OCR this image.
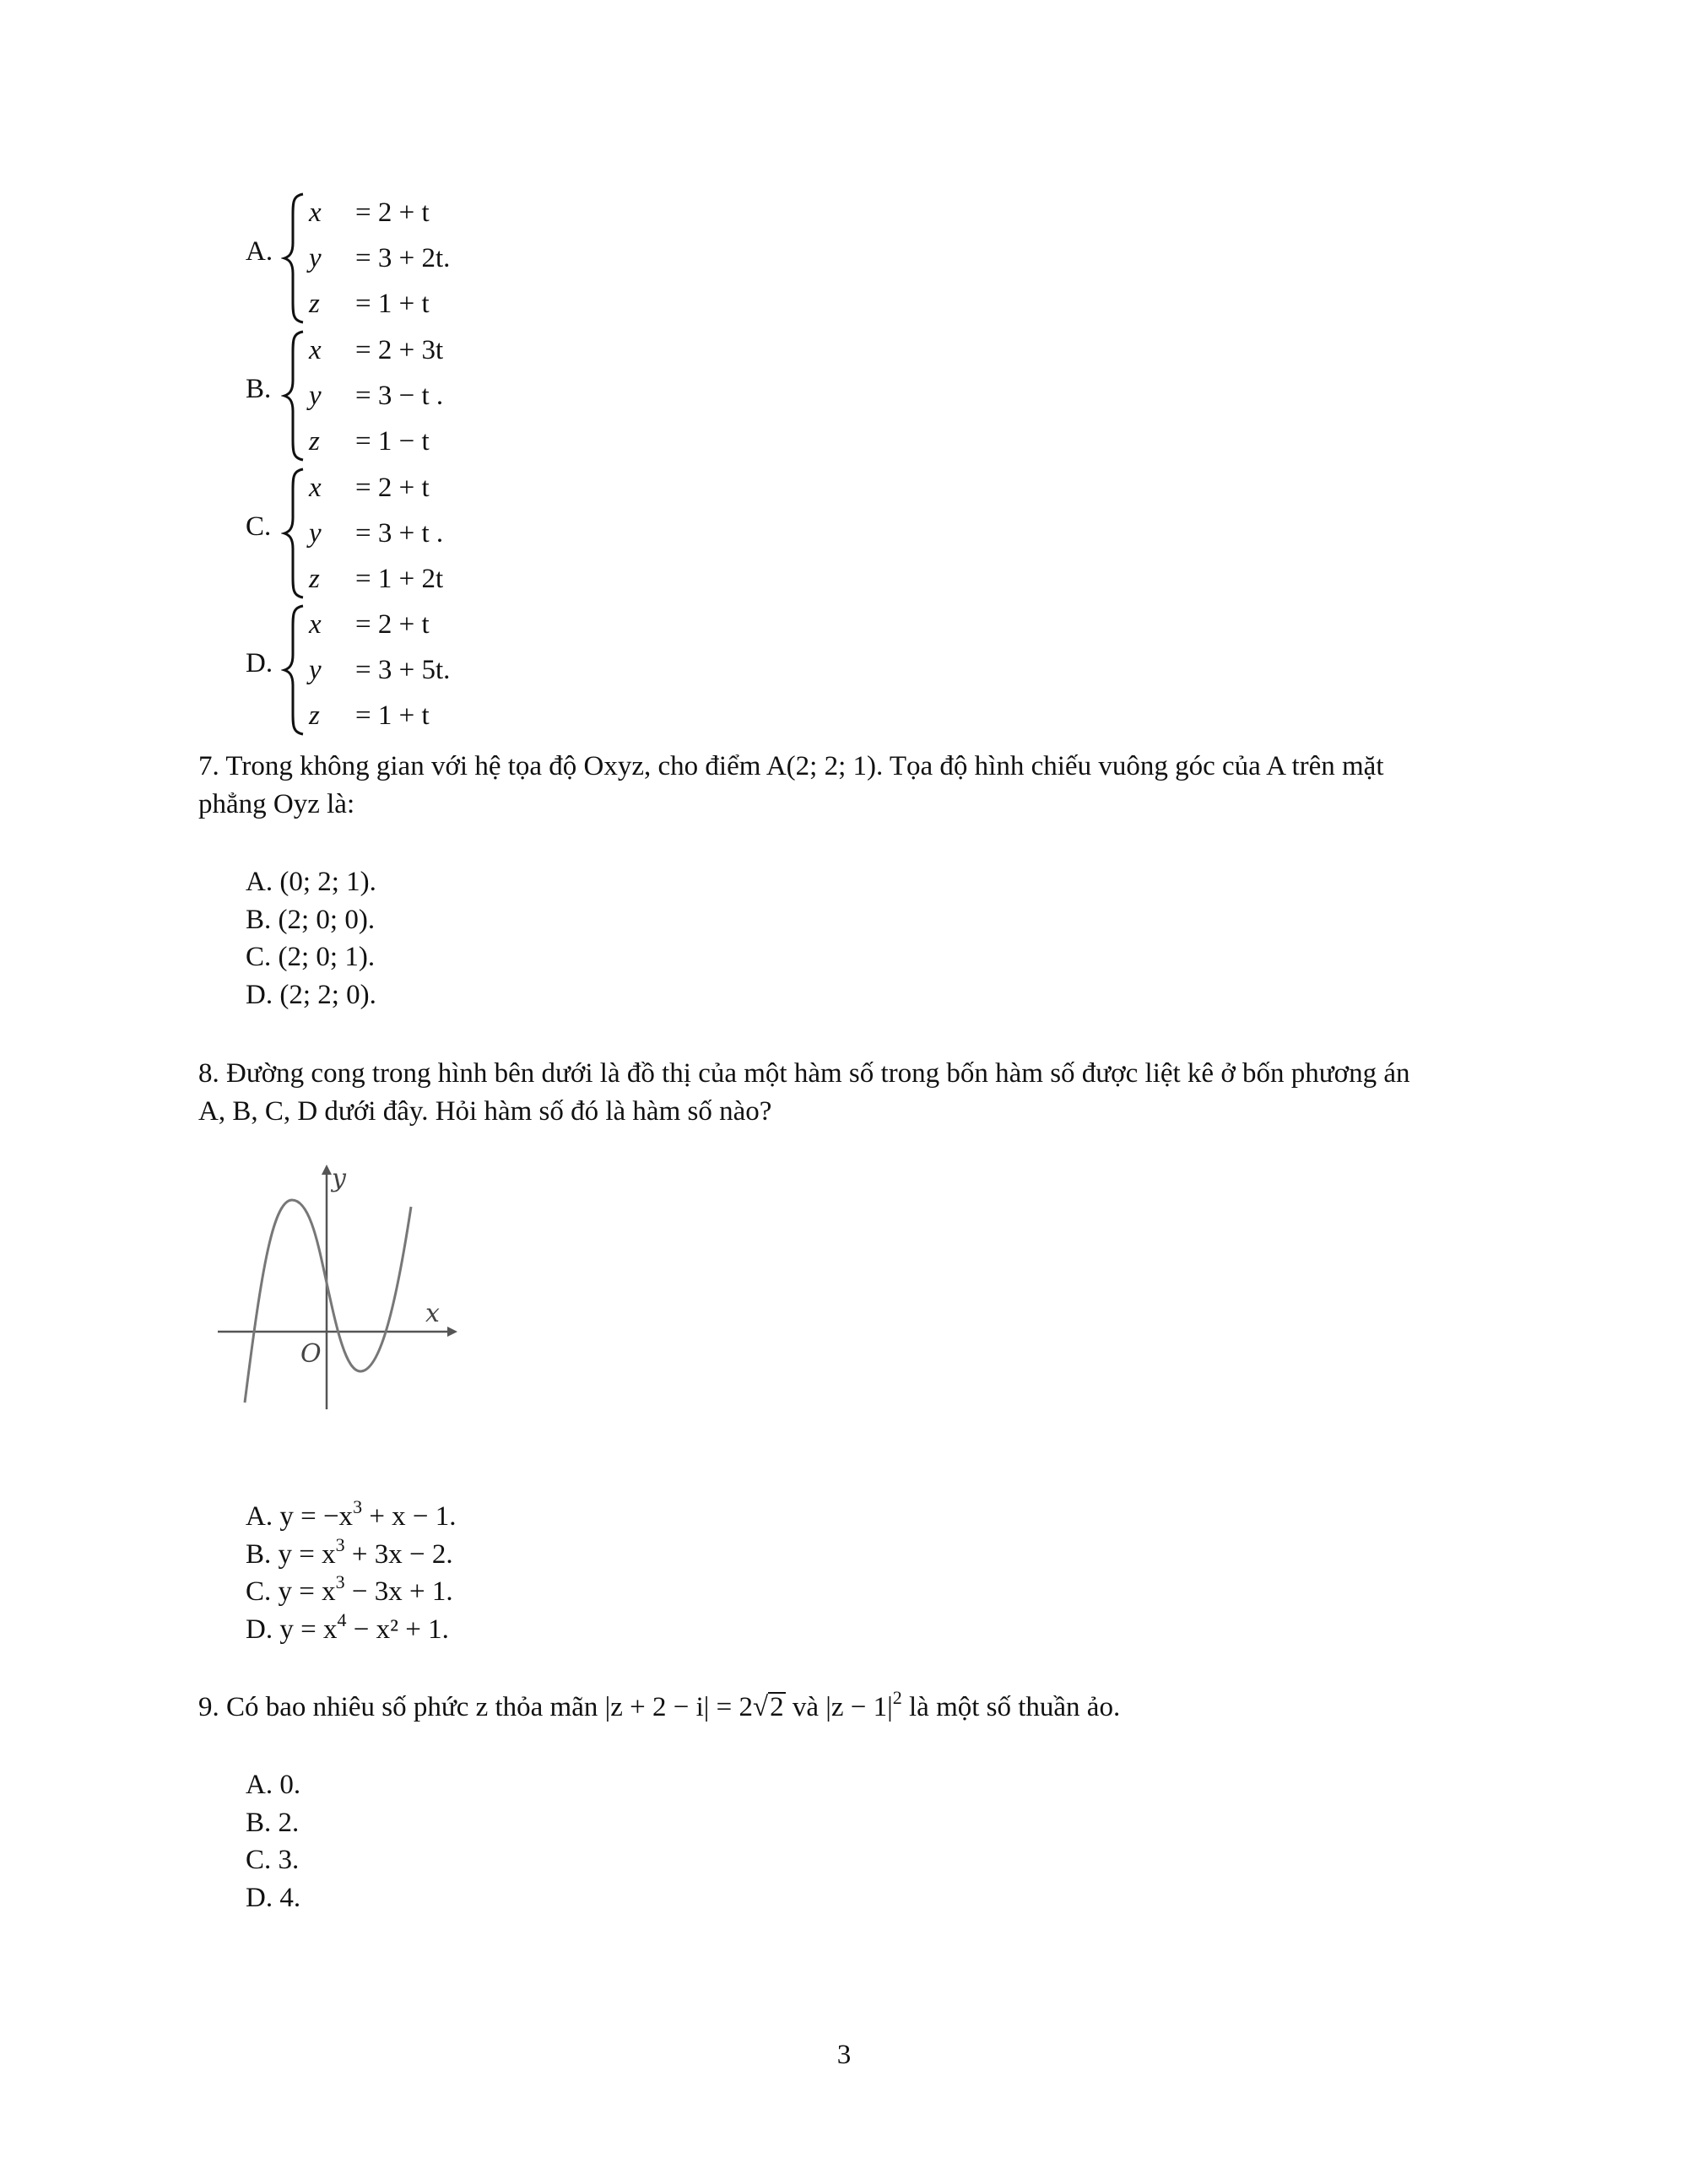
A.
x = 2 + t
y = 3 + 2t.
z = 1 + t
B.
x = 2 + 3t
y = 3 − t .
z = 1 − t
C.
x = 2 + t
y = 3 + t .
z = 1 + 2t
D.
x = 2 + t
y = 3 + 5t.
z = 1 + t
7. Trong không gian với hệ tọa độ Oxyz, cho điểm A(2; 2; 1). Tọa độ hình chiếu vuông góc của A trên mặt
phẳng Oyz là:
A. (0; 2; 1).
B. (2; 0; 0).
C. (2; 0; 1).
D. (2; 2; 0).
8. Đường cong trong hình bên dưới là đồ thị của một hàm số trong bốn hàm số được liệt kê ở bốn phương án
A, B, C, D dưới đây. Hỏi hàm số đó là hàm số nào?
y
x
O
A. $y = -x^3 + x - 1$.
B. $y = x^3 + 3x - 2$.
C. $y = x^3 - 3x + 1$.
D. $y = x^4 - x^2 + 1$.
9. Có bao nhiêu số phức z thỏa mãn |z + 2 − i| = 2√2 và $|z - 1|^2$ là một số thuần ảo.
A. 0.
B. 2.
C. 3.
D. 4.
3
